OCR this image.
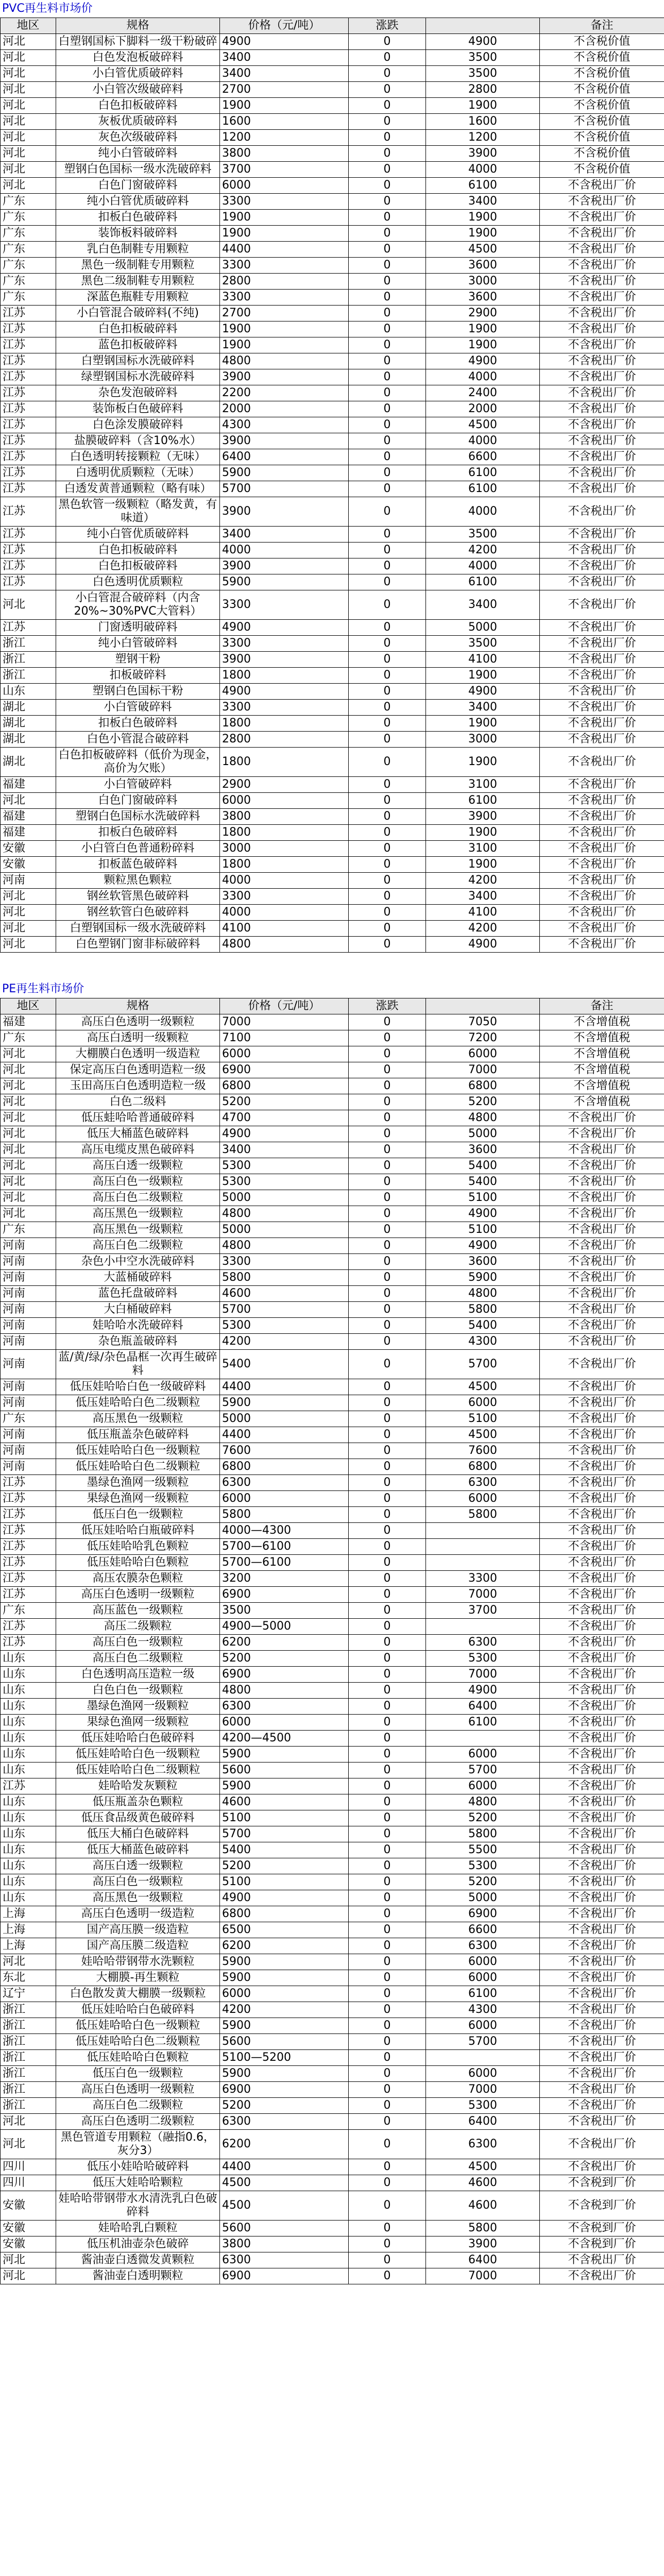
PVC再生料市场价
地区	规格	价格（元/吨）	涨跌		备注
河北	白塑钢国标下脚料一级干粉破碎	4900	0	4900	不含税价值
河北	白色发泡板破碎料	3400	0	3500	不含税价值
河北	小白管优质破碎料	3400	0	3500	不含税价值
河北	小白管次级破碎料	2700	0	2800	不含税价值
河北	白色扣板破碎料	1900	0	1900	不含税价值
河北	灰板优质破碎料	1600	0	1600	不含税价值
河北	灰色次级破碎料	1200	0	1200	不含税价值
河北	纯小白管破碎料	3800	0	3900	不含税价值
河北	塑钢白色国标一级水洗破碎料	3700	0	4000	不含税价值
河北	白色门窗破碎料	6000	0	6100	不含税出厂价
广东	纯小白管优质破碎料	3300	0	3400	不含税出厂价
广东	扣板白色破碎料	1900	0	1900	不含税出厂价
广东	装饰板料破碎料	1900	0	1900	不含税出厂价
广东	乳白色制鞋专用颗粒	4400	0	4500	不含税出厂价
广东	黑色一级制鞋专用颗粒	3300	0	3600	不含税出厂价
广东	黑色二级制鞋专用颗粒	2800	0	3000	不含税出厂价
广东	深蓝色瓶鞋专用颗粒	3300	0	3600	不含税出厂价
江苏	小白管混合破碎料(不纯)	2700	0	2900	不含税出厂价
江苏	白色扣板破碎料	1900	0	1900	不含税出厂价
江苏	蓝色扣板破碎料	1900	0	1900	不含税出厂价
江苏	白塑钢国标水洗破碎料	4800	0	4900	不含税出厂价
江苏	绿塑钢国标水洗破碎料	3900	0	4000	不含税出厂价
江苏	杂色发泡破碎料	2200	0	2400	不含税出厂价
江苏	装饰板白色破碎料	2000	0	2000	不含税出厂价
江苏	白色涂发膜破碎料	4300	0	4500	不含税出厂价
江苏	盐膜破碎料（含10%水）	3900	0	4000	不含税出厂价
江苏	白色透明转接颗粒（无味）	6400	0	6600	不含税出厂价
江苏	白透明优质颗粒（无味）	5900	0	6100	不含税出厂价
江苏	白透发黄普通颗粒（略有味）	5700	0	6100	不含税出厂价
江苏	黑色软管一级颗粒（略发黄，有味道）	3900	0	4000	不含税出厂价
江苏	纯小白管优质破碎料	3400	0	3500	不含税出厂价
江苏	白色扣板破碎料	4000	0	4200	不含税出厂价
江苏	白色扣板破碎料	3900	0	4000	不含税出厂价
江苏	白色透明优质颗粒	5900	0	6100	不含税出厂价
河北	小白管混合破碎料（内含20%~30%PVC大管料）	3300	0	3400	不含税出厂价
江苏	门窗透明破碎料	4900	0	5000	不含税出厂价
浙江	纯小白管破碎料	3300	0	3500	不含税出厂价
浙江	塑钢干粉	3900	0	4100	不含税出厂价
浙江	扣板破碎料	1800	0	1900	不含税出厂价
山东	塑钢白色国标干粉	4900	0	4900	不含税出厂价
湖北	小白管破碎料	3300	0	3400	不含税出厂价
湖北	扣板白色破碎料	1800	0	1900	不含税出厂价
湖北	白色小管混合破碎料	2800	0	3000	不含税出厂价
湖北	白色扣板破碎料（低价为现金，高价为欠账）	1800	0	1900	不含税出厂价
福建	小白管破碎料	2900	0	3100	不含税出厂价
河北	白色门窗破碎料	6000	0	6100	不含税出厂价
福建	塑钢白色国标水洗破碎料	3800	0	3900	不含税出厂价
福建	扣板白色破碎料	1800	0	1900	不含税出厂价
安徽	小白管白色普通粉碎料	3000	0	3100	不含税出厂价
安徽	扣板蓝色破碎料	1800	0	1900	不含税出厂价
河南	颗粒黑色颗粒	4000	0	4200	不含税出厂价
河北	钢丝软管黑色破碎料	3300	0	3400	不含税出厂价
河北	钢丝软管白色破碎料	4000	0	4100	不含税出厂价
河北	白塑钢国标一级水洗破碎料	4100	0	4200	不含税出厂价
河北	白色塑钢门窗非标破碎料	4800	0	4900	不含税出厂价
PE再生料市场价
地区	规格	价格（元/吨）	涨跌		备注
福建	高压白色透明一级颗粒	7000	0	7050	不含增值税
广东	高压白透明一级颗粒	7100	0	7200	不含增值税
河北	大棚膜白色透明一级造粒	6000	0	6000	不含增值税
河北	保定高压白色透明造粒一级	6900	0	7000	不含增值税
河北	玉田高压白色透明造粒一级	6800	0	6800	不含增值税
河北	白色二级料	5200	0	5200	不含增值税
河北	低压蛙哈哈普通破碎料	4700	0	4800	不含税出厂价
河北	低压大桶蓝色破碎料	4900	0	5000	不含税出厂价
河北	高压电缆皮黑色破碎料	3400	0	3600	不含税出厂价
河北	高压白透一级颗粒	5300	0	5400	不含税出厂价
河北	高压白色一级颗粒	5300	0	5400	不含税出厂价
河北	高压白色二级颗粒	5000	0	5100	不含税出厂价
河北	高压黑色一级颗粒	4800	0	4900	不含税出厂价
广东	高压黑色一级颗粒	5000	0	5100	不含税出厂价
河南	高压白色二级颗粒	4800	0	4900	不含税出厂价
河南	杂色小中空水洗破碎料	3300	0	3600	不含税出厂价
河南	大蓝桶破碎料	5800	0	5900	不含税出厂价
河南	蓝色托盘破碎料	4600	0	4800	不含税出厂价
河南	大白桶破碎料	5700	0	5800	不含税出厂价
河南	娃哈哈水洗破碎料	5300	0	5400	不含税出厂价
河南	杂色瓶盖破碎料	4200	0	4300	不含税出厂价
河南	蓝/黄/绿/杂色晶框一次再生破碎料	5400	0	5700	不含税出厂价
河南	低压娃哈哈白色一级破碎料	4400	0	4500	不含税出厂价
河南	低压娃哈哈白色二级颗粒	5900	0	6000	不含税出厂价
广东	高压黑色一级颗粒	5000	0	5100	不含税出厂价
河南	低压瓶盖杂色破碎料	4400	0	4500	不含税出厂价
河南	低压娃哈哈白色一级颗粒	7600	0	7600	不含税出厂价
河南	低压娃哈哈白色二级颗粒	6800	0	6800	不含税出厂价
江苏	墨绿色渔网一级颗粒	6300	0	6300	不含税出厂价
江苏	果绿色渔网一级颗粒	6000	0	6000	不含税出厂价
江苏	低压白色一级颗粒	5800	0	5800	不含税出厂价
江苏	低压娃哈哈白瓶破碎料	4000—4300	0		不含税出厂价
江苏	低压娃哈哈乳色颗粒	5700—6100	0		不含税出厂价
江苏	低压娃哈哈白色颗粒	5700—6100	0		不含税出厂价
江苏	高压农膜杂色颗粒	3200	0	3300	不含税出厂价
江苏	高压白色透明一级颗粒	6900	0	7000	不含税出厂价
广东	高压蓝色一级颗粒	3500	0	3700	不含税出厂价
江苏	高压二级颗粒	4900—5000	0		不含税出厂价
江苏	高压白色一级颗粒	6200	0	6300	不含税出厂价
山东	高压白色二级颗粒	5200	0	5300	不含税出厂价
山东	白色透明高压造粒一级	6900	0	7000	不含税出厂价
山东	白色白色一级颗粒	4800	0	4900	不含税出厂价
山东	墨绿色渔网一级颗粒	6300	0	6400	不含税出厂价
山东	果绿色渔网一级颗粒	6000	0	6100	不含税出厂价
山东	低压娃哈哈白色破碎料	4200—4500	0		不含税出厂价
山东	低压娃哈哈白色一级颗粒	5900	0	6000	不含税出厂价
山东	低压娃哈哈白色二级颗粒	5600	0	5700	不含税出厂价
江苏	娃哈哈发灰颗粒	5900	0	6000	不含税出厂价
山东	低压瓶盖杂色颗粒	4600	0	4800	不含税出厂价
山东	低压食品级黄色破碎料	5100	0	5200	不含税出厂价
山东	低压大桶白色破碎料	5700	0	5800	不含税出厂价
山东	低压大桶蓝色破碎料	5400	0	5500	不含税出厂价
山东	高压白透一级颗粒	5200	0	5300	不含税出厂价
山东	高压白色一级颗粒	5100	0	5200	不含税出厂价
山东	高压黑色一级颗粒	4900	0	5000	不含税出厂价
上海	高压白色透明一级造粒	6800	0	6900	不含税出厂价
上海	国产高压膜一级造粒	6500	0	6600	不含税出厂价
上海	国产高压膜二级造粒	6200	0	6300	不含税出厂价
河北	娃哈哈带钢带水洗颗粒	5900	0	6000	不含税出厂价
东北	大棚膜-再生颗粒	5900	0	6000	不含税出厂价
辽宁	白色散发黄大棚膜一级颗粒	6000	0	6100	不含税出厂价
浙江	低压娃哈哈白色破碎料	4200	0	4300	不含税出厂价
浙江	低压娃哈哈白色一级颗粒	5900	0	6000	不含税出厂价
浙江	低压娃哈哈白色二级颗粒	5600	0	5700	不含税出厂价
浙江	低压娃哈哈白色颗粒	5100—5200	0		不含税出厂价
浙江	低压白色一级颗粒	5900	0	6000	不含税出厂价
浙江	高压白色透明一级颗粒	6900	0	7000	不含税出厂价
浙江	高压白色二级颗粒	5200	0	5300	不含税出厂价
河北	高压白色透明二级颗粒	6300	0	6400	不含税出厂价
河北	黑色管道专用颗粒（融指0.6，灰分3）	6200	0	6300	不含税出厂价
四川	低压小娃哈哈破碎料	4400	0	4500	不含税出厂价
四川	低压大娃哈哈颗粒	4500	0	4600	不含税到厂价
安徽	娃哈哈带钢带水水清洗乳白色破碎料	4500	0	4600	不含税到厂价
安徽	娃哈哈乳白颗粒	5600	0	5800	不含税到厂价
安徽	低压机油壶杂色破碎	3800	0	3900	不含税到厂价
河北	酱油壶白透微发黄颗粒	6300	0	6400	不含税出厂价
河北	酱油壶白透明颗粒	6900	0	7000	不含税出厂价
